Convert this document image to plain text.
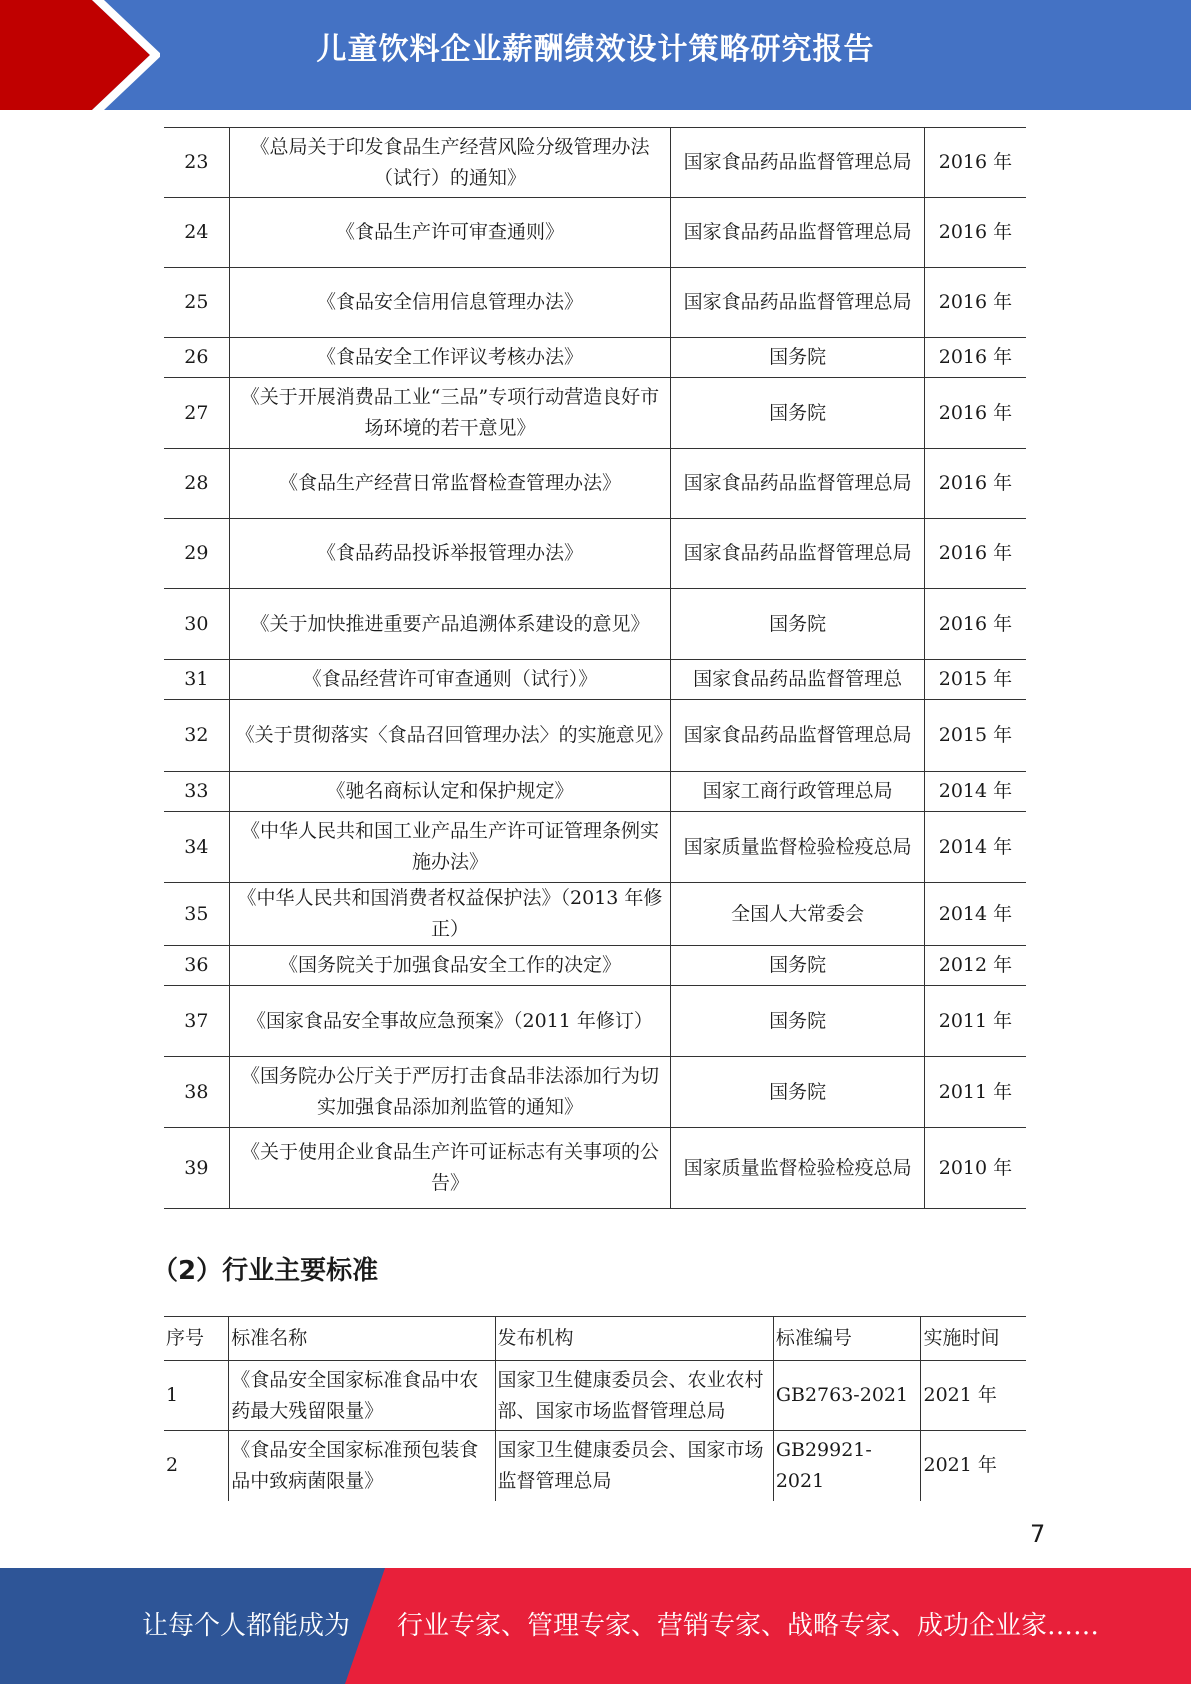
儿童饮料企业薪酬绩效设计策略研究报告
23	《总局关于印发食品生产经营风险分级管理办法（试行）的通知》	国家食品药品监督管理总局	2016 年
24	《食品生产许可审查通则》	国家食品药品监督管理总局	2016 年
25	《食品安全信用信息管理办法》	国家食品药品监督管理总局	2016 年
26	《食品安全工作评议考核办法》	国务院	2016 年
27	《关于开展消费品工业“三品”专项行动营造良好市场环境的若干意见》	国务院	2016 年
28	《食品生产经营日常监督检查管理办法》	国家食品药品监督管理总局	2016 年
29	《食品药品投诉举报管理办法》	国家食品药品监督管理总局	2016 年
30	《关于加快推进重要产品追溯体系建设的意见》	国务院	2016 年
31	《食品经营许可审查通则（试行）》	国家食品药品监督管理总	2015 年
32	《关于贯彻落实〈食品召回管理办法〉的实施意见》	国家食品药品监督管理总局	2015 年
33	《驰名商标认定和保护规定》	国家工商行政管理总局	2014 年
34	《中华人民共和国工业产品生产许可证管理条例实施办法》	国家质量监督检验检疫总局	2014 年
35	《中华人民共和国消费者权益保护法》（2013 年修正）	全国人大常委会	2014 年
36	《国务院关于加强食品安全工作的决定》	国务院	2012 年
37	《国家食品安全事故应急预案》（2011 年修订）	国务院	2011 年
38	《国务院办公厅关于严厉打击食品非法添加行为切实加强食品添加剂监管的通知》	国务院	2011 年
39	《关于使用企业食品生产许可证标志有关事项的公告》	国家质量监督检验检疫总局	2010 年
（2）行业主要标准
序号	标准名称	发布机构	标准编号	实施时间
1	《食品安全国家标准食品中农药最大残留限量》	国家卫生健康委员会、农业农村部、国家市场监督管理总局	GB2763-2021	2021 年
2	《食品安全国家标准预包装食品中致病菌限量》	国家卫生健康委员会、国家市场监督管理总局	GB29921-2021	2021 年
7
让每个人都能成为 行业专家、管理专家、营销专家、战略专家、成功企业家……
